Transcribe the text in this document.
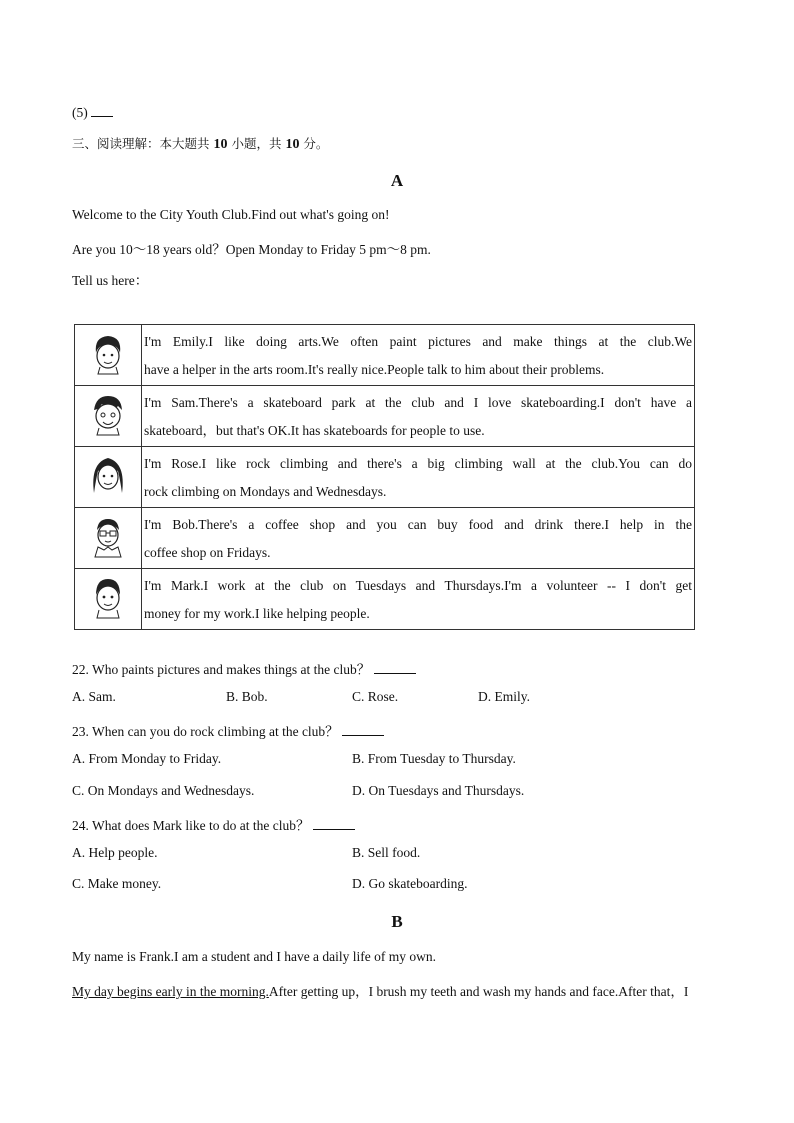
(5)
三、阅读理解：本大题共 10 小题，共 10 分。
A
Welcome to the City Youth Club.Find out what's going on!
Are you 10～18 years old？Open Monday to Friday 5 pm～8 pm.
Tell us here：

I'm Emily.I like doing arts.We often paint pictures and make things at the club.We
have a helper in the arts room.It's really nice.People talk to him about their problems.

I'm Sam.There's a skateboard park at the club and I love skateboarding.I don't have a
skateboard，but that's OK.It has skateboards for people to use.

I'm Rose.I like rock climbing and there's a big climbing wall at the club.You can do
rock climbing on Mondays and Wednesdays.

I'm Bob.There's a coffee shop and you can buy food and drink there.I help in the
coffee shop on Fridays.

I'm Mark.I work at the club on Tuesdays and Thursdays.I'm a volunteer -- I don't get
money for my work.I like helping people.
22. Who paints pictures and makes things at the club？
A. Sam.	B. Bob.	C. Rose.	D. Emily.
23. When can you do rock climbing at the club？
A. From Monday to Friday.	B. From Tuesday to Thursday.
C. On Mondays and Wednesdays.	D. On Tuesdays and Thursdays.
24. What does Mark like to do at the club？
A. Help people.	B. Sell food.
C. Make money.	D. Go skateboarding.
B
My name is Frank.I am a student and I have a daily life of my own.
My day begins early in the morning.After getting up，I brush my teeth and wash my hands and face.After that，I
